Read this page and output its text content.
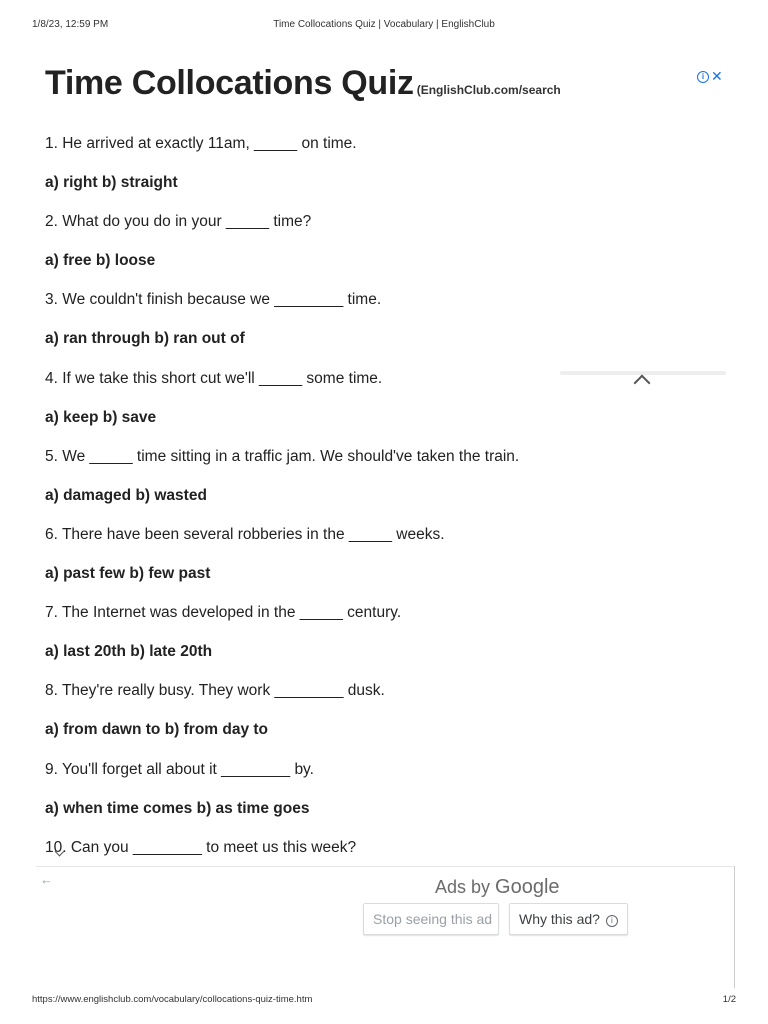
1/8/23, 12:59 PM	Time Collocations Quiz | Vocabulary | EnglishClub
Time Collocations Quiz (EnglishClub.com/search
i ✕
1. He arrived at exactly 11am, _____ on time.
a) right b) straight
2. What do you do in your _____ time?
a) free b) loose
3. We couldn't finish because we ________ time.
a) ran through b) ran out of
4. If we take this short cut we'll _____ some time.
a) keep b) save
5. We _____ time sitting in a traffic jam. We should've taken the train.
a) damaged b) wasted
6. There have been several robberies in the _____ weeks.
a) past few b) few past
7. The Internet was developed in the _____ century.
a) last 20th b) late 20th
8. They're really busy. They work ________ dusk.
a) from dawn to b) from day to
9. You'll forget all about it ________ by.
a) when time comes b) as time goes
10. Can you ________ to meet us this week?
←	Ads by Google
Stop seeing this ad	Why this ad? i
https://www.englishclub.com/vocabulary/collocations-quiz-time.htm	1/2
